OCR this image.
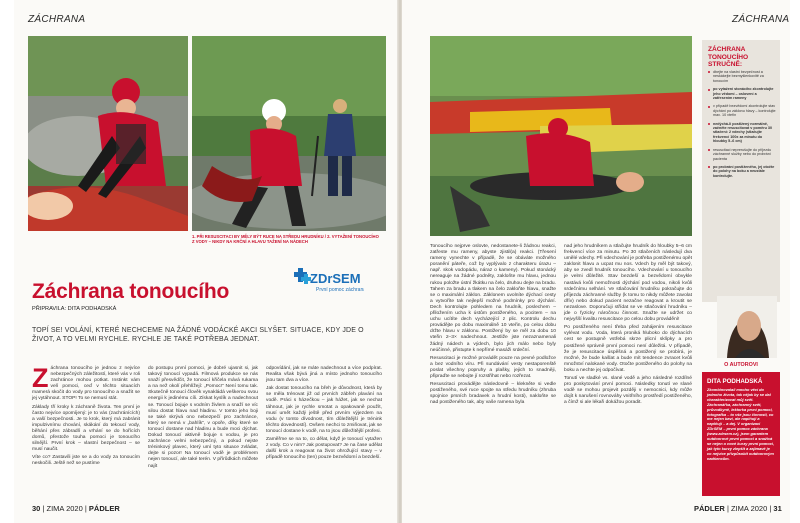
ZÁCHRANA
1. PŘI RESUSCITACI BY MĚLY BÝT RUCE NA STŘEDU HRUDNÍKU / 2. VYTAŽENÍ TONOUCÍHO Z VODY – NIKDY NA KRČNÍ A HLAVU TAŽENÍ NA NÁDECH
ZDrSEM
První pomoc záchrana
Záchrana tonoucího
PŘIPRAVILA: DITA PODHADSKÁ
TOPÍ SE! VOLÁNÍ, KTERÉ NECHCEME NA ŽÁDNÉ VODÁCKÉ AKCI SLYŠET. SITUACE, KDY JDE O ŽIVOT, A TO VELMI RYCHLE. RYCHLE JE TAKÉ POTŘEBA JEDNAT.

Záchrana tonoucího je jednou z nejvíce nebezpečných záležitostí, které vás v roli zachránce mohou potkat. Instinkt vám velí pomoci, ceď v těchto situacích mamerá skočit do vody pro tonoucího a snažit se jej vytáhnout. STOP! To se nemusí stát.

Základy tří kroky k záchraně života. Ten první je často nejvíce opomíjený: je to vás (zachránících) a vaší bezpečnosti. Je to krok, který má zabránit impulzivnímu chování, skákání do tekoucí vody, běhání přes zábradlí a vrhání se do hořících domů, přestože touha pomoci je tonoucího silnější. První krok – vlastní bezpečnost – se musí naučit.

Víte co? Zastavíli jste se a do vody za tonoucím neskočili. Ještě než se pustíme

do postupu první pomoci, je dobré ujasnit si, jak takový tonoucí vypadá. Filmová produkce se nás snaží přesvědčit, že tonoucí křičela mává rukama a na než okolí přehlížejí: „Pomoc!“ Není tomu tak. Skutečně tonoucí člověk vynakládá veškerou svou energii k jedinému cíli. Získat kyslík a nadechnout se. Tonoucí bojuje s vodním živlem a snaží se víc silou dostat hlavu nad hladinu. V tomto jeho boji se také skrývá ono nebezpečí pro zachránce, který se nemá v „bahlík“, v opoře, díky které se tonoucí dostane nad hladinu a bude moci dýchat. Dokud tonoucí aktivně bojuje s vodou, je pro zachránce velmi nebezpečný, a pokud nejste tréninkový plavec, který umí tyto situace zvládat, dejte si pozor! Na tonoucí vodě je problémem nejen tonoucí, ale také terén. V přírůdkách můžete najít

odpovídání, jak se máte nadechnout a více podpírat. Realita však bývá jiná a místo jednoho tonoucího jsou tam dva a více.

Jak dostat tonoucího na břeh je důvodnost, která by se měla trénovat již od prvních zábřeh plavání na vodě. Práci s házečkou – jak hážet, jak se nechat táhnout, jak je rychle smotat a opakovaně použít, musí umět každý ještě před prvním výjezdem na vodu (v tomto dívodnost, tím důležitější je trénink těchto dovedností). Ovšem nechci to zmiňovat, jak se tonoucí dostane k vodě, na to jsou důležitější profesi.

Zaměřme se na to, co dělat, když je tonoucí vytažen z vody. Co v nim? Jak postupovat? Je na čase udělat další krok a reagovat na život ohrožující stavy – v případě tonoucího (ten) pouze bezvědomí a bezdeší.

30 | ZIMA 2020 | PÁDLER
ZÁCHRANA
ZÁCHRANA TONOUCÍHO STRUČNĚ:
dbejte na vlastní bezpečnost a neskákejte bezmyšlenkovitě za tonoucím
po vytažení stonácího zkontrolujte jeho vědomí – oslovení a zatřesením rameny
v případě bezvědomí zkontrolujte stav dýchání po záklonu hlavy – kontrolujte max. 10 vteřin
nedýchá-li postižený normálně, začněte resuscitovat v poměru 30 stlačení: 2 vdechy (stlačujte frekvencí 100x za minutu do hloubky 5–6 cm)
resuscitaci neprerušujte do příjezdu záchranné služby nebo do probrání pacienta
po probrání postiženého, jej otočte do polohy na boku a neustále kontrolujte.

Tonoucího nejprve oslovte, nedostanete-li žádnou reakci, zatřeste mu rameny, abyste zjistil(a) reakci. (Třesení rameny vynechte v případě, že se obáváte možného poranění páteře, což by vyplývalo z charakteru úrazu – např. skok vodopádu, náraz o kameny). Pokud stonácký nereaguje na žádné podněty, zakloňte mu hlavu, jednou rukou položte ústní žkátku na čelo, druhou dejte na bradu. Tahem za bradu a tlakem na čelo zakloňte hlavu, snažte se o maximální záklon. Záklonem uvolníte dýchací cesty a vytvoříte tak nejlepší možné podmínky pro dýchání. Dech kontrolujte pohledem na hrudník, poslechem – přiložením ucha k ústům postiženého, a pocitem – na uchu ucítíte dech vycházející z plic. Kontrolu dechu provádějte po dobu maximálně 10 vteřin, po celou dobu držte hlavu v záklonu. Postižený by se měl za dobu 10 vteřin 2–3× nadechnout. Jestliže jste nezaznamenali žádný nádech a výdech, bylo jich málo nebo byly neúčinné, přistupte k nepřímé masáži srdeční.

Resuscitaci je možné provádět pouze na pevné podložce a bez vodního víru. Při sundávání vesty nestaporenště poslat všechny popruhy a plašky, jejich to snadněji, připraďte se nebojte jí rozstřihat nebo rozřezat.

Resuscitaci provádějte následovně – klekněte si vedle postiženého, své ruce spojte na středu hrudníku (zhruba spojnice prsních bradavek a hrudní kosti), nakloňte se nad postiženého tak, aby vaše ramena byla

nad jeho hrudníkem a stlačujte hrudník do hloubky 5–6 cm frekvencí více za minutu. Po 30 stlačeních následují dva umělé vdechy. Při vdechování je potřeba postiženému opět zaklonit hlavu a ucpat mu nos. Vdech by měl být takový, aby se zvedl hrudník tonoucího. Vdechování u tonoucího je velmi důležité. Stav bezdeší a bezvědomí obvykle nastává kvůli nemožnosti dýchání pod vodou, nikoli kvůli srdečnímu selhání. Ve stlačování hrudníku pokračujte do příjezdu záchranné služby (k tomu to nikdy můžete zavolat dřív) nebo dokud pacient nezačne reagovat a kroutit se nezaslove. Doporučuji střídat se ve stlačování hrudníku – jde o fyzicky náročnou činnost. Snažte se udržet co nejvyšší kvalitu resuscitace po celou dobu provádění!

Po postiženého není třeba před zahájením resuscitace vylévat vodu. Voda, která proniká hluboko do dýchacích cest se postupně vstřebá skrze plicní sklípky a pro postižené správně první pomoci není důležitá. V případě, že je resuscitace úspěšná a postižený se probírá, je možné, že bude kašlat a bude mít tendence zvracet kvůli množství nalokané vody. Otočte postiženého do polohy na boku a nechte jej odpočívat.

Tonutí ve sladké vs. slané vodě a jeho následné rozdílné pro poskytování první pomoci. Následky tonutí ve slané vodě se mohou projevit později v nemocnici, kdy může dojít k narušení rovnováhy vnitřního prostředí postiženého, a čímž si ale lékaři dokážou poradit.

O AUTOROVI
DITA PODHADSKÁ
Zkombinovala/i mnoho věcí do jednoho života, tak nějak by se dal charakterizovat můj svět. Záchranářka, záchranný svět, průvodkyně, lektorka první pomoci, fotografka – to vše jsou činnosti, co me nejen baví, ale naplňují a naplňují – a dej. V organizaci ZDrSEM – první pomoc záchrana (www.zdrsem.cz), jsem garantem outdoorové první pomoci a snaživá se nejen o nové kurzy první pomoci, jak tyto kurzy zlepšit a zajímavě je co nejvíce přizpůsobit outdoorovým nadšencům.
PÁDLER | ZIMA 2020 | 31
